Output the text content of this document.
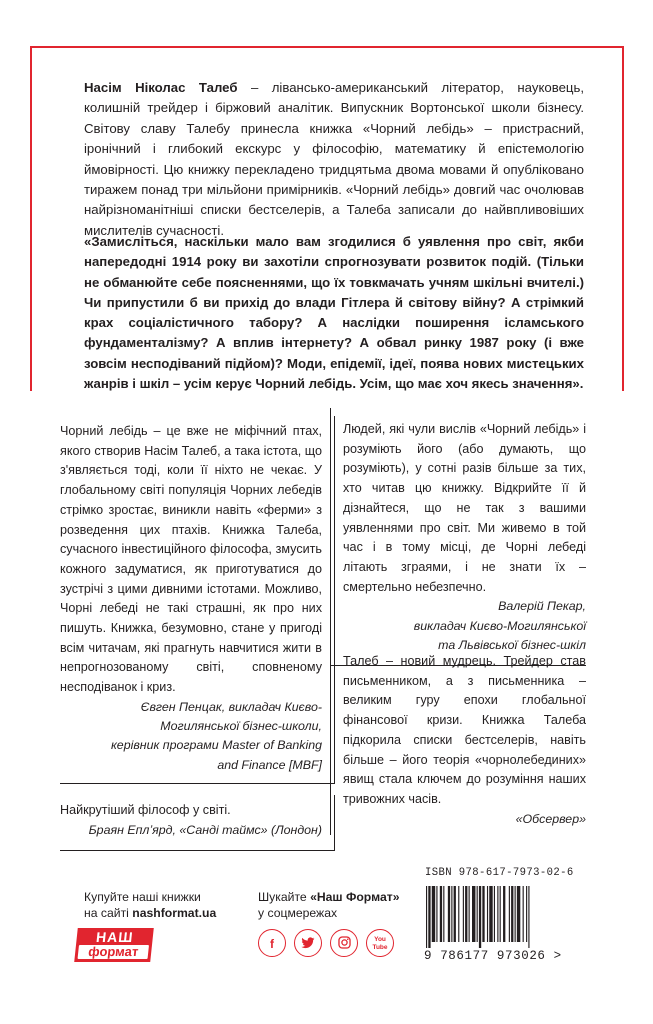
Насім Ніколас Талеб – лівансько-американський літератор, науковець, колишній трейдер і біржовий аналітик. Випускник Вортонської школи бізнесу. Світову славу Талебу принесла книжка «Чорний лебідь» – пристрасний, іронічний і глибокий екскурс у філософію, математику й епістемологію ймовірності. Цю книжку перекладено тридцятьма двома мовами й опубліковано тиражем понад три мільйони примірників. «Чорний лебідь» довгий час очолював найрізноманітніші списки бестселерів, а Талеба записали до найвпливовіших мислителів сучасності.
«Замисліться, наскільки мало вам згодилися б уявлення про світ, якби напередодні 1914 року ви захотіли спрогнозувати розвиток подій. (Тільки не обманюйте себе поясненнями, що їх товкмачать учням шкільні вчителі.) Чи припустили б ви прихід до влади Гітлера й світову війну? А стрімкий крах соціалістичного табору? А наслідки поширення ісламського фундаменталізму? А вплив інтернету? А обвал ринку 1987 року (і вже зовсім несподіваний підйом)? Моди, епідемії, ідеї, поява нових мистецьких жанрів і шкіл – усім керує Чорний лебідь. Усім, що має хоч якесь значення».

Чорний лебідь – це вже не міфічний птах, якого створив Насім Талеб, а така істота, що з'являється тоді, коли її ніхто не чекає. У глобальному світі популяція Чорних лебедів стрімко зростає, виникли навіть «ферми» з розведення цих птахів. Книжка Талеба, сучасного інвестиційного філософа, змусить кожного задуматися, як приготуватися до зустрічі з цими дивними істотами. Можливо, Чорні лебеді не такі страшні, як про них пишуть. Книжка, безумовно, стане у пригоді всім читачам, які прагнуть навчитися жити в непрогнозованому світі, сповненому несподіванок і криз.

Євген Пенцак, викладач Києво-Могилянської бізнес-школи, керівник програми Master of Banking and Finance [MBF]

Найкрутіший філософ у світі.

Браян Еплʼярд, «Санді таймс» (Лондон)

Людей, які чули вислів «Чорний лебідь» і розуміють його (або думають, що розуміють), у сотні разів більше за тих, хто читав цю книжку. Відкрийте її й дізнайтеся, що не так з вашими уявленнями про світ. Ми живемо в той час і в тому місці, де Чорні лебеді літають зграями, і не знати їх – смертельно небезпечно.

Валерій Пекар,

викладач Києво-Могилянської

та Львівської бізнес-шкіл

Талеб – новий мудрець. Трейдер став письменником, а з письменника – великим гуру епохи глобальної фінансової кризи. Книжка Талеба підкорила списки бестселерів, навіть більше – його теорія «чорнолебединих» явищ стала ключем до розуміння наших тривожних часів.

«Обсервер»

Купуйте наші книжки
на сайті nashformat.ua
НАШ
формат
Шукайте «Наш Формат»
у соцмережах
f	You Tube
ISBN 978-617-7973-02-6
9 786177 973026 >
